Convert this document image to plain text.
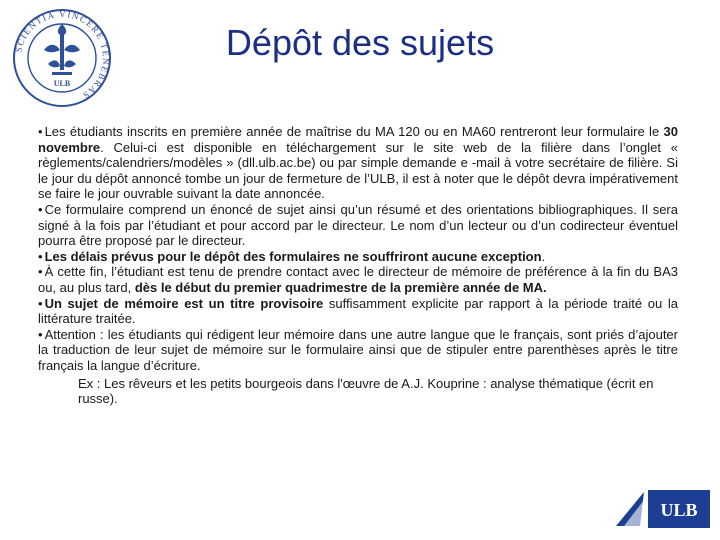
SCIENTIA VINCERE TENEBRAS
ULB
Dépôt des sujets
• Les étudiants inscrits en première année de maîtrise du MA 120 ou en MA60 rentreront leur formulaire le 30 novembre. Celui-ci est disponible en téléchargement sur le site web de la filière dans l’onglet « règlements/calendriers/modèles » (dll.ulb.ac.be) ou par simple demande e -mail à votre secrétaire de filière. Si le jour du dépôt annoncé tombe un jour de fermeture de l’ULB, il est à noter que le dépôt devra impérativement se faire le jour ouvrable suivant la date annoncée.
• Ce formulaire comprend un énoncé de sujet ainsi qu’un résumé et des orientations bibliographiques. Il sera signé à la fois par l’étudiant et pour accord par le directeur. Le nom d’un lecteur ou d’un codirecteur éventuel pourra être proposé par le directeur.
• Les délais prévus pour le dépôt des formulaires ne souffriront aucune exception.
• À cette fin, l’étudiant est tenu de prendre contact avec le directeur de mémoire de préférence à la fin du BA3 ou, au plus tard, dès le début du premier quadrimestre de la première année de MA.
• Un sujet de mémoire est un titre provisoire suffisamment explicite par rapport à la période traité ou la littérature traitée.
• Attention : les étudiants qui rédigent leur mémoire dans une autre langue que le français, sont priés d’ajouter la traduction de leur sujet de mémoire sur le formulaire ainsi que de stipuler entre parenthèses après le titre français la langue d’écriture.
Ex : Les rêveurs et les petits bourgeois dans l'œuvre de A.J. Kouprine : analyse thématique (écrit en russe).
ULB
